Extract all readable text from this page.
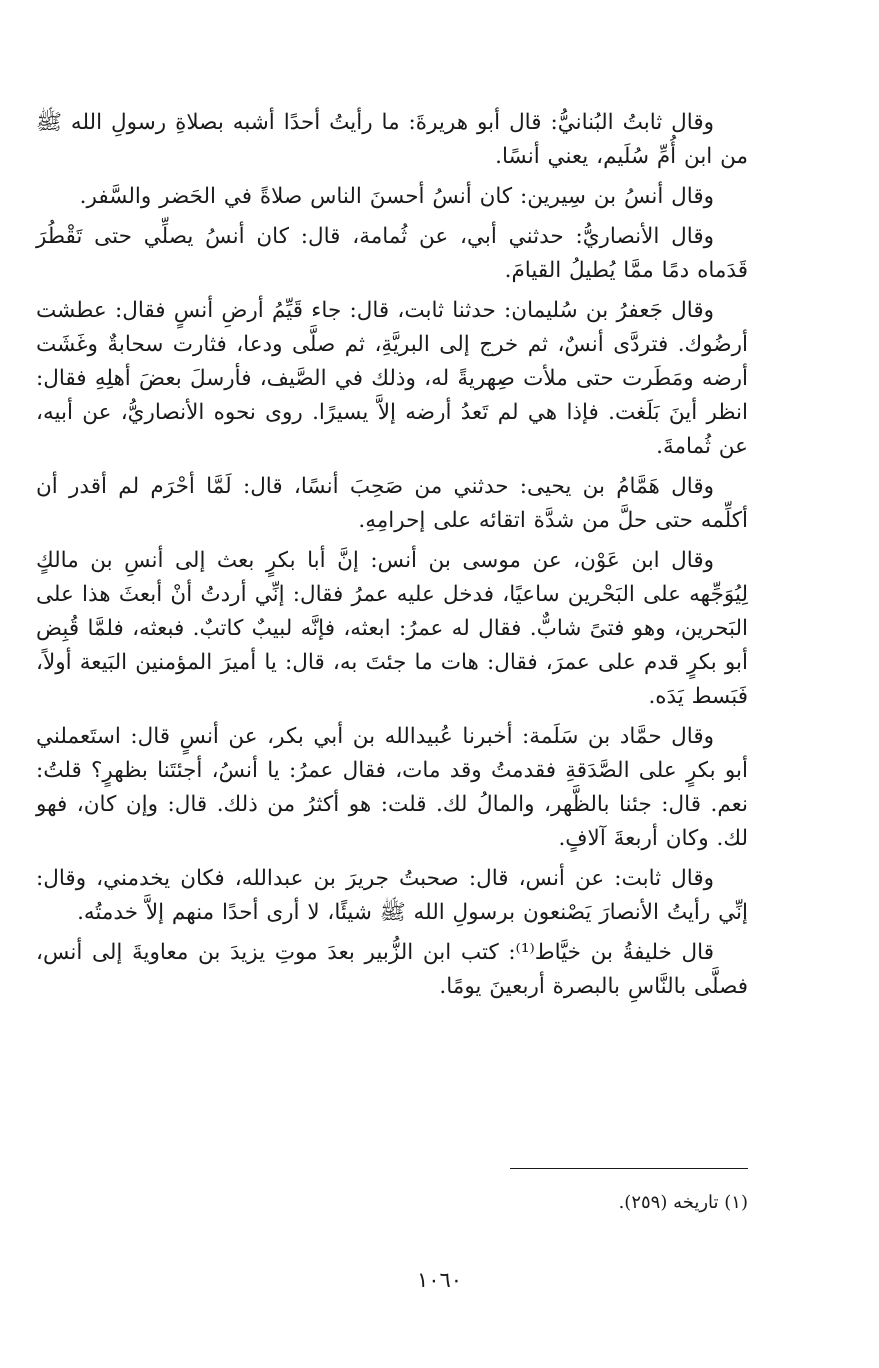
وقال ثابتُ البُنانيُّ: قال أبو هريرةَ: ما رأيتُ أحدًا أشبه بصلاةِ رسولِ الله ﷺ من ابن أُمِّ سُلَيم، يعني أنسًا.

وقال أنسُ بن سِيرين: كان أنسُ أحسنَ الناس صلاةً في الحَضر والسَّفر.

وقال الأنصاريُّ: حدثني أبي، عن ثُمامة، قال: كان أنسُ يصلِّي حتى تَقْطُرَ قَدَماه دمًا ممَّا يُطيلُ القيامَ.

وقال جَعفرُ بن سُليمان: حدثنا ثابت، قال: جاء قَيِّمُ أرضِ أنسٍ فقال: عطشت أرضُوك. فتردَّى أنسٌ، ثم خرج إلى البريَّةِ، ثم صلَّى ودعا، فثارت سحابةٌ وغَشَت أرضه ومَطَرت حتى ملأت صِهريةً له، وذلك في الصَّيف، فأرسلَ بعضَ أهلِهِ فقال: انظر أينَ بَلَغت. فإذا هي لم تَعدُ أرضه إلاَّ يسيرًا. روى نحوه الأنصاريُّ، عن أبيه، عن ثُمامةَ.

وقال هَمَّامُ بن يحيى: حدثني من صَحِبَ أنسًا، قال: لَمَّا أحْرَم لم أقدر أن أكلِّمه حتى حلَّ من شدَّة اتقائه على إحرامِهِ.

وقال ابن عَوْن، عن موسى بن أنس: إنَّ أبا بكرٍ بعث إلى أنسِ بن مالكٍ لِيُوَجِّهه على البَحْرين ساعيًا، فدخل عليه عمرُ فقال: إنِّي أردتُ أنْ أبعثَ هذا على البَحرين، وهو فتىً شابٌّ. فقال له عمرُ: ابعثه، فإنَّه لبيبٌ كاتبٌ. فبعثه، فلمَّا قُبِض أبو بكرٍ قدم على عمرَ، فقال: هات ما جئتَ به، قال: يا أميرَ المؤمنين البَيعة أولاً، فَبَسط يَدَه.

وقال حمَّاد بن سَلَمة: أخبرنا عُبيدالله بن أبي بكر، عن أنسٍ قال: استَعملني أبو بكرٍ على الصَّدَقةِ فقدمتُ وقد مات، فقال عمرُ: يا أنسُ، أجئتَنا بظهرٍ؟ قلتُ: نعم. قال: جئنا بالظَّهر، والمالُ لك. قلت: هو أكثرُ من ذلك. قال: وإن كان، فهو لك. وكان أربعةَ آلافٍ.

وقال ثابت: عن أنس، قال: صحبتُ جريرَ بن عبدالله، فكان يخدمني، وقال: إنِّي رأيتُ الأنصارَ يَصْنعون برسولِ الله ﷺ شيئًا، لا أرى أحدًا منهم إلاَّ خدمتُه.

قال خليفةُ بن خيَّاط⁽¹⁾: كتب ابن الزُّبير بعدَ موتِ يزيدَ بن معاويةَ إلى أنس، فصلَّى بالنَّاسِ بالبصرة أربعينَ يومًا.

(١) تاريخه (٢٥٩).

١٠٦٠
